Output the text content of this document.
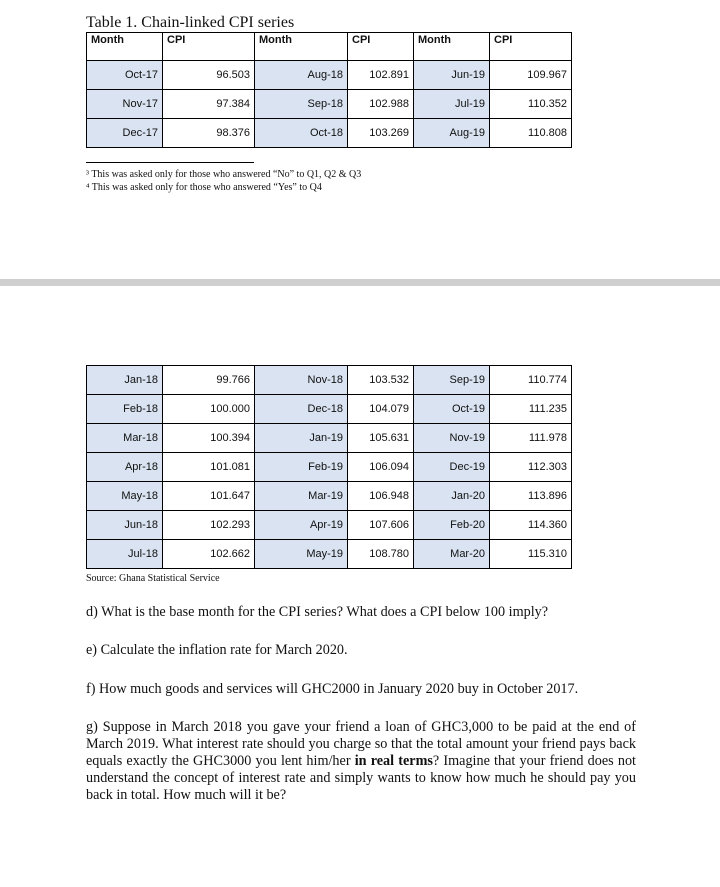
Table 1. Chain-linked CPI series
Month	CPI	Month	CPI	Month	CPI
Oct-17	96.503	Aug-18	102.891	Jun-19	109.967
Nov-17	97.384	Sep-18	102.988	Jul-19	110.352
Dec-17	98.376	Oct-18	103.269	Aug-19	110.808
³ This was asked only for those who answered “No” to Q1, Q2 & Q3
⁴ This was asked only for those who answered “Yes” to Q4
Jan-18	99.766	Nov-18	103.532	Sep-19	110.774
Feb-18	100.000	Dec-18	104.079	Oct-19	111.235
Mar-18	100.394	Jan-19	105.631	Nov-19	111.978
Apr-18	101.081	Feb-19	106.094	Dec-19	112.303
May-18	101.647	Mar-19	106.948	Jan-20	113.896
Jun-18	102.293	Apr-19	107.606	Feb-20	114.360
Jul-18	102.662	May-19	108.780	Mar-20	115.310
Source: Ghana Statistical Service
d) What is the base month for the CPI series? What does a CPI below 100 imply?
e) Calculate the inflation rate for March 2020.
f) How much goods and services will GHC2000 in January 2020 buy in October 2017.
g) Suppose in March 2018 you gave your friend a loan of GHC3,000 to be paid at the end of March 2019. What interest rate should you charge so that the total amount your friend pays back equals exactly the GHC3000 you lent him/her in real terms? Imagine that your friend does not understand the concept of interest rate and simply wants to know how much he should pay you back in total. How much will it be?
